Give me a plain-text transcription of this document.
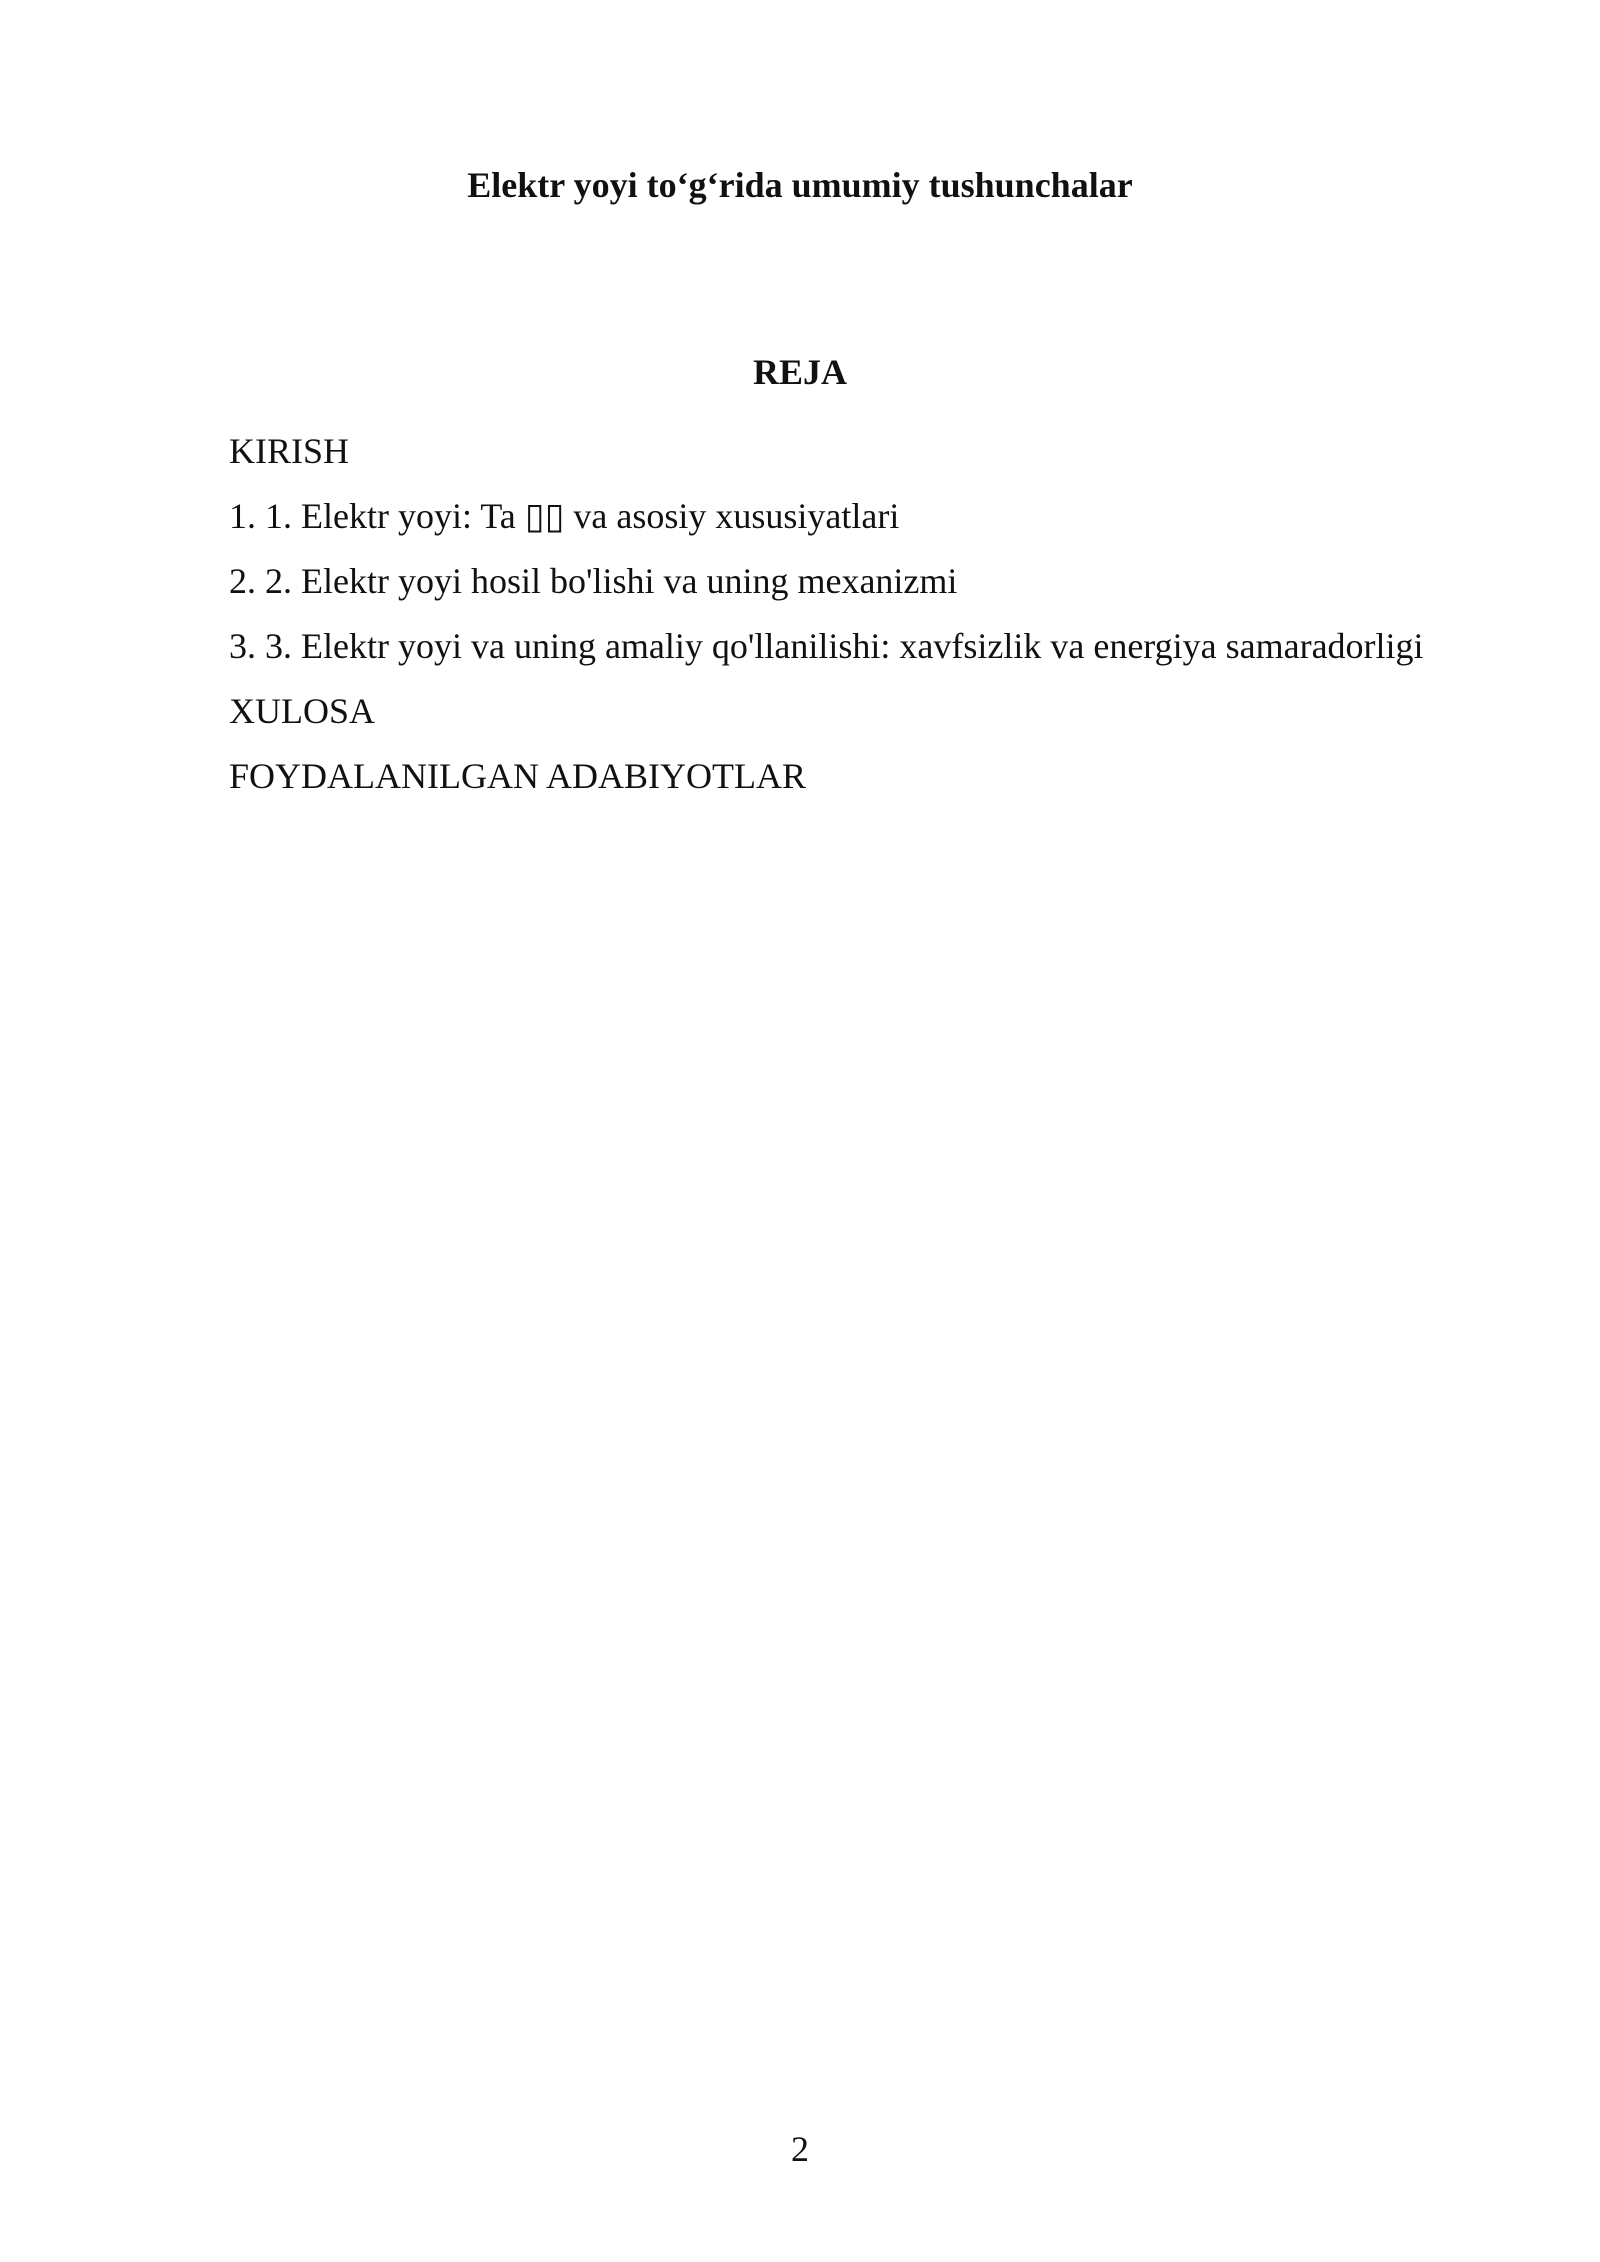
Elektr yoyi to‘g‘rida umumiy tushunchalar
REJA
KIRISH
1. 1. Elektr yoyi: Ta ▯▯ va asosiy xususiyatlari
2. 2. Elektr yoyi hosil bo'lishi va uning mexanizmi
3. 3. Elektr yoyi va uning amaliy qo'llanilishi: xavfsizlik va energiya samaradorligi
XULOSA
FOYDALANILGAN ADABIYOTLAR
2
